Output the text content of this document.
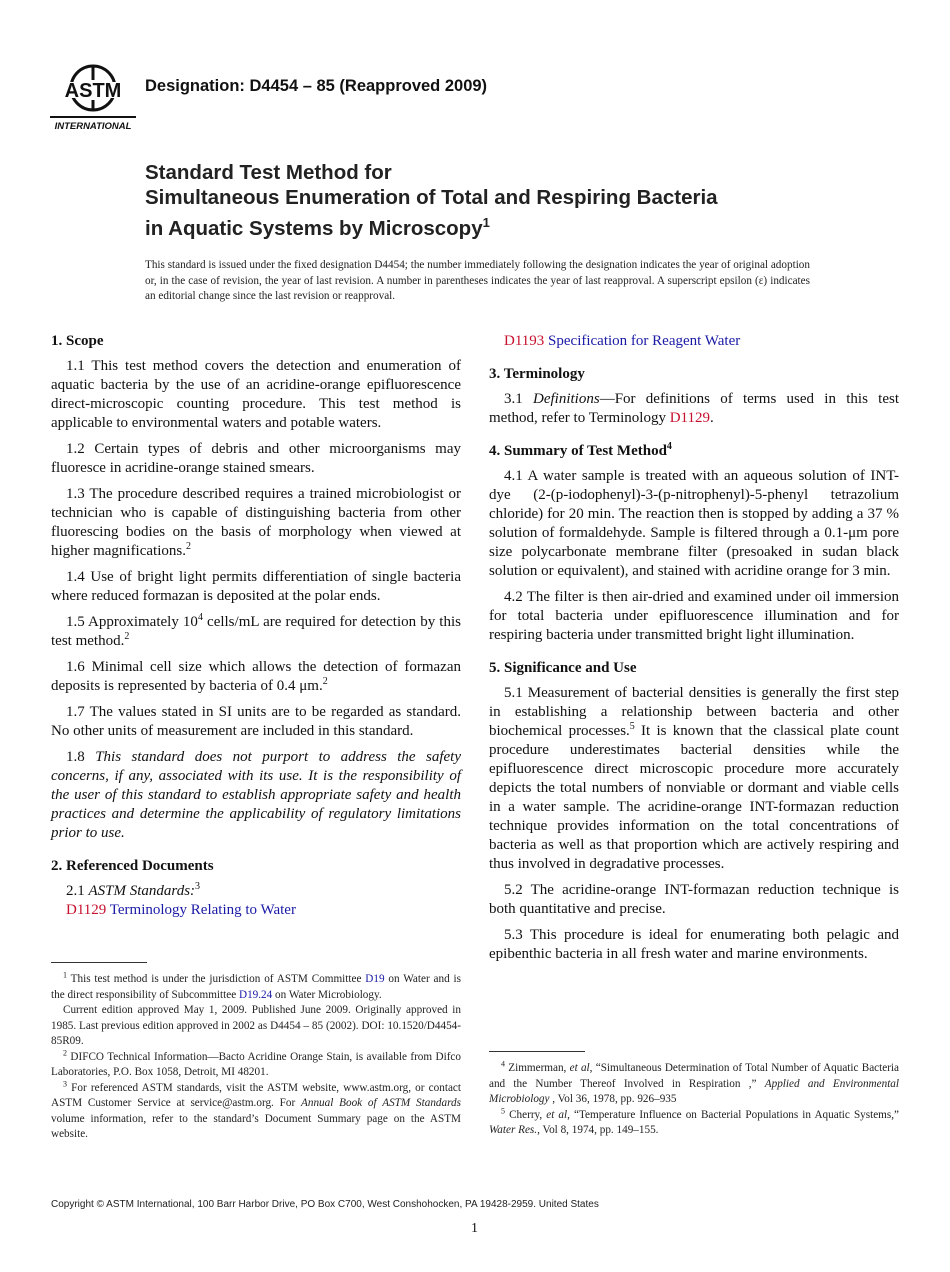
ASTM
INTERNATIONAL
Designation: D4454 – 85 (Reapproved 2009)
Standard Test Method for
Simultaneous Enumeration of Total and Respiring Bacteria
in Aquatic Systems by Microscopy$^1$
This standard is issued under the fixed designation D4454; the number immediately following the designation indicates the year of original adoption or, in the case of revision, the year of last revision. A number in parentheses indicates the year of last reapproval. A superscript epsilon (ε) indicates an editorial change since the last revision or reapproval.
1. Scope

1.1 This test method covers the detection and enumeration of aquatic bacteria by the use of an acridine-orange epifluorescence direct-microscopic counting procedure. This test method is applicable to environmental waters and potable waters.

1.2 Certain types of debris and other microorganisms may fluoresce in acridine-orange stained smears.

1.3 The procedure described requires a trained microbiologist or technician who is capable of distinguishing bacteria from other fluorescing bodies on the basis of morphology when viewed at higher magnifications.$^2$

1.4 Use of bright light permits differentiation of single bacteria where reduced formazan is deposited at the polar ends.

1.5 Approximately $10^4$ cells/mL are required for detection by this test method.$^2$

1.6 Minimal cell size which allows the detection of formazan deposits is represented by bacteria of 0.4 μm.$^2$

1.7 The values stated in SI units are to be regarded as standard. No other units of measurement are included in this standard.

1.8 This standard does not purport to address the safety concerns, if any, associated with its use. It is the responsibility of the user of this standard to establish appropriate safety and health practices and determine the applicability of regulatory limitations prior to use.

2. Referenced Documents

2.1 ASTM Standards:$^3$

D1129 Terminology Relating to Water

$^1$ This test method is under the jurisdiction of ASTM Committee D19 on Water and is the direct responsibility of Subcommittee D19.24 on Water Microbiology.

Current edition approved May 1, 2009. Published June 2009. Originally approved in 1985. Last previous edition approved in 2002 as D4454 – 85 (2002). DOI: 10.1520/D4454-85R09.

$^2$ DIFCO Technical Information—Bacto Acridine Orange Stain, is available from Difco Laboratories, P.O. Box 1058, Detroit, MI 48201.

$^3$ For referenced ASTM standards, visit the ASTM website, www.astm.org, or contact ASTM Customer Service at service@astm.org. For Annual Book of ASTM Standards volume information, refer to the standard’s Document Summary page on the ASTM website.

D1193 Specification for Reagent Water
3. Terminology

3.1 Definitions—For definitions of terms used in this test method, refer to Terminology D1129.

4. Summary of Test Method$^4$

4.1 A water sample is treated with an aqueous solution of INT-dye (2-(p-iodophenyl)-3-(p-nitrophenyl)-5-phenyl tetrazolium chloride) for 20 min. The reaction then is stopped by adding a 37 % solution of formaldehyde. Sample is filtered through a 0.1-μm pore size polycarbonate membrane filter (presoaked in sudan black solution or equivalent), and stained with acridine orange for 3 min.

4.2 The filter is then air-dried and examined under oil immersion for total bacteria under epifluorescence illumination and for respiring bacteria under transmitted bright light illumination.

5. Significance and Use

5.1 Measurement of bacterial densities is generally the first step in establishing a relationship between bacteria and other biochemical processes.$^5$ It is known that the classical plate count procedure underestimates bacterial densities while the epifluorescence direct microscopic procedure more accurately depicts the total numbers of nonviable or dormant and viable cells in a water sample. The acridine-orange INT-formazan reduction technique provides information on the total concentrations of bacteria as well as that proportion which are actively respiring and thus involved in degradative processes.

5.2 The acridine-orange INT-formazan reduction technique is both quantitative and precise.

5.3 This procedure is ideal for enumerating both pelagic and epibenthic bacteria in all fresh water and marine environments.

$^4$ Zimmerman, et al, “Simultaneous Determination of Total Number of Aquatic Bacteria and the Number Thereof Involved in Respiration ,” Applied and Environmental Microbiology , Vol 36, 1978, pp. 926–935

$^5$ Cherry, et al, “Temperature Influence on Bacterial Populations in Aquatic Systems,” Water Res., Vol 8, 1974, pp. 149–155.

Copyright © ASTM International, 100 Barr Harbor Drive, PO Box C700, West Conshohocken, PA 19428-2959. United States
1
